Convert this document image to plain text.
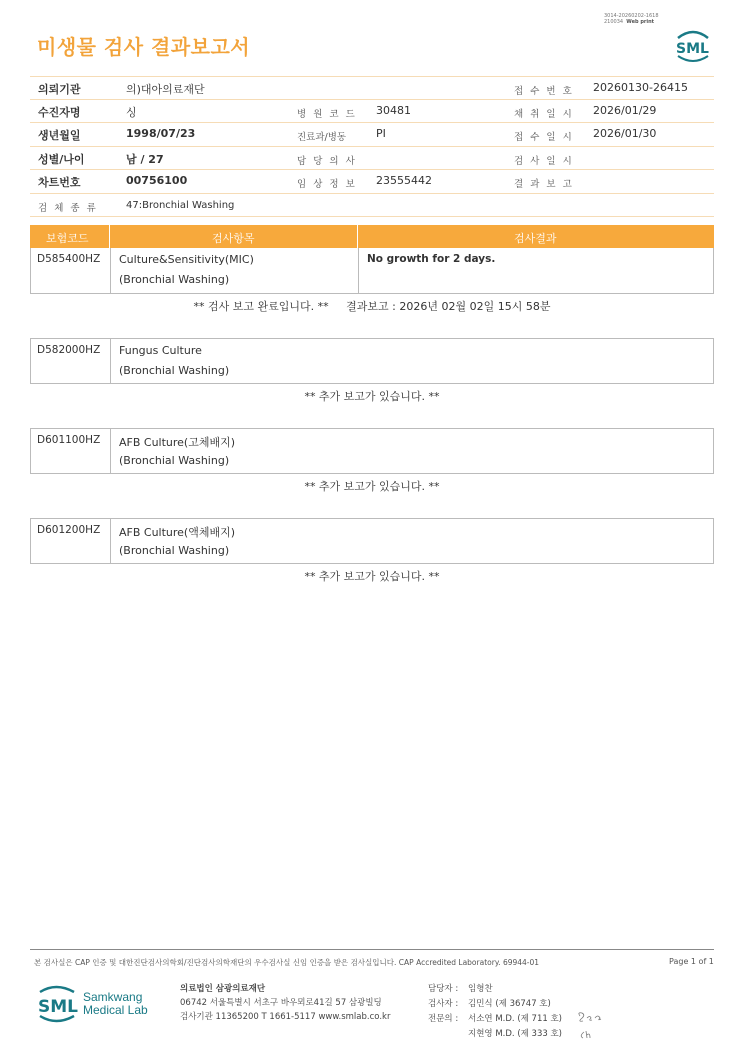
3014-20260202-1618
210034 Web print
미생물 검사 결과보고서	SML
의뢰기관	의)대아의료재단	접 수 번 호 20260130-26415
수진자명	싱	병 원 코 드 30481	채 취 일 시 2026/01/29
생년월일	1998/07/23	진료과/병동	PI	접 수 일 시 2026/01/30
성별/나이	남 / 27	담 당 의 사	검 사 일 시
차트번호	00756100	임 상 정 보 23555442	결 과 보 고
검 체 종 류	47:Bronchial Washing
보험코드	검사항목	검사결과
D585400HZ Culture&Sensitivity(MIC)
(Bronchial Washing)
No growth for 2 days.
** 검사 보고 완료입니다. **     결과보고 : 2026년 02월 02일 15시 58분
D582000HZ Fungus Culture
(Bronchial Washing)
** 추가 보고가 있습니다. **
D601100HZ AFB Culture(고체배지)
(Bronchial Washing)
** 추가 보고가 있습니다. **
D601200HZ AFB Culture(액체배지)
(Bronchial Washing)
** 추가 보고가 있습니다. **
본 검사실은 CAP 인증 및 대한진단검사의학회/진단검사의학재단의 우수검사실 신임 인증을 받은 검사실입니다. CAP Accredited Laboratory. 69944-01	Page 1 of 1
SML Samkwang
Medical Lab
의료법인 삼광의료재단
06742 서울특별시 서초구 바우뫼로41길 57 삼광빌딩
검사기관 11365200 T 1661-5117 www.smlab.co.kr
담당자 :	임형찬
검사자 :	김민식 (제 36747 호)
전문의 :	서소연 M.D. (제 711 호)
지현영 M.D. (제 333 호)
